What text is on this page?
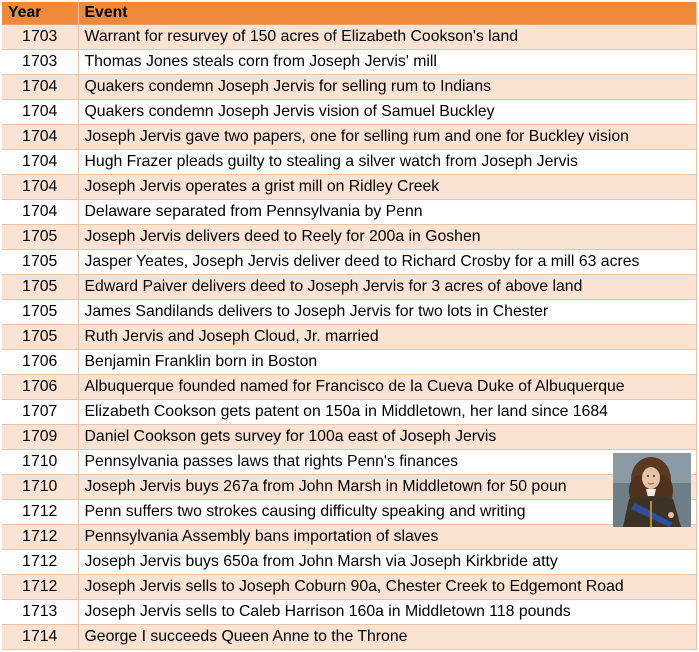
Year	Event
1703	Warrant for resurvey of 150 acres of Elizabeth Cookson's land
1703	Thomas Jones steals corn from Joseph Jervis' mill
1704	Quakers condemn Joseph Jervis for selling rum to Indians
1704	Quakers condemn Joseph Jervis vision of Samuel Buckley
1704	Joseph Jervis gave two papers, one for selling rum and one for Buckley vision
1704	Hugh Frazer pleads guilty to stealing a silver watch from Joseph Jervis
1704	Joseph Jervis operates a grist mill on Ridley Creek
1704	Delaware separated from Pennsylvania by Penn
1705	Joseph Jervis delivers deed to Reely for 200a in Goshen
1705	Jasper Yeates, Joseph Jervis deliver deed to Richard Crosby for a mill 63 acres
1705	Edward Paiver delivers deed to Joseph Jervis for 3 acres of above land
1705	James Sandilands delivers to Joseph Jervis for two lots in Chester
1705	Ruth Jervis and Joseph Cloud, Jr. married
1706	Benjamin Franklin born in Boston
1706	Albuquerque founded named for Francisco de la Cueva Duke of Albuquerque
1707	Elizabeth Cookson gets patent on 150a in Middletown, her land since 1684
1709	Daniel Cookson gets survey for 100a east of Joseph Jervis
1710	Pennsylvania passes laws that rights Penn's finances
1710	Joseph Jervis buys 267a from John Marsh in Middletown for 50 poun
1712	Penn suffers two strokes causing difficulty speaking and writing
1712	Pennsylvania Assembly bans importation of slaves
1712	Joseph Jervis buys 650a from John Marsh via Joseph Kirkbride atty
1712	Joseph Jervis sells to Joseph Coburn 90a, Chester Creek to Edgemont Road
1713	Joseph Jervis sells to Caleb Harrison 160a in Middletown 118 pounds
1714	George I succeeds Queen Anne to the Throne
